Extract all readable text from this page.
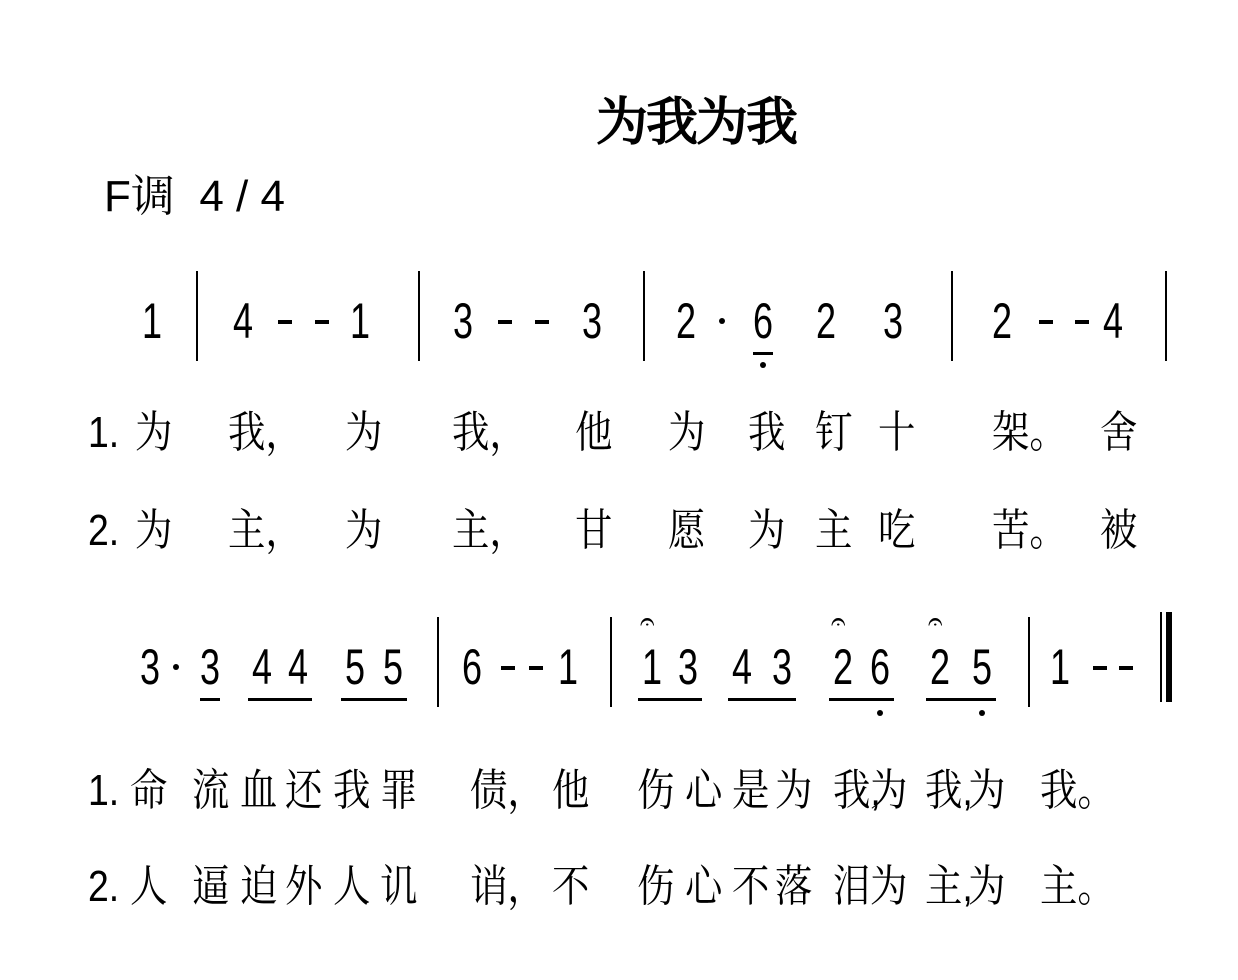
为我为我
F调 4 / 4
1 4 1 3 3 2 6 2 3 2 4
3 3 4 4 5 5 6 1 1
𝄐
3 4 3 2
𝄐
6 2
𝄐
5 1
1. 为 我， 为 我， 他 为 我 钉 十 架。 舍
2. 为 主， 为 主， 甘 愿 为 主 吃 苦。 被
1. 命 流 血 还 我 罪 债， 他 伤 心 是 为 我,
为 我,
为 我。
2. 人 逼 迫 外 人 讥 诮， 不 伤 心 不 落 泪 为 主,
为 主。
